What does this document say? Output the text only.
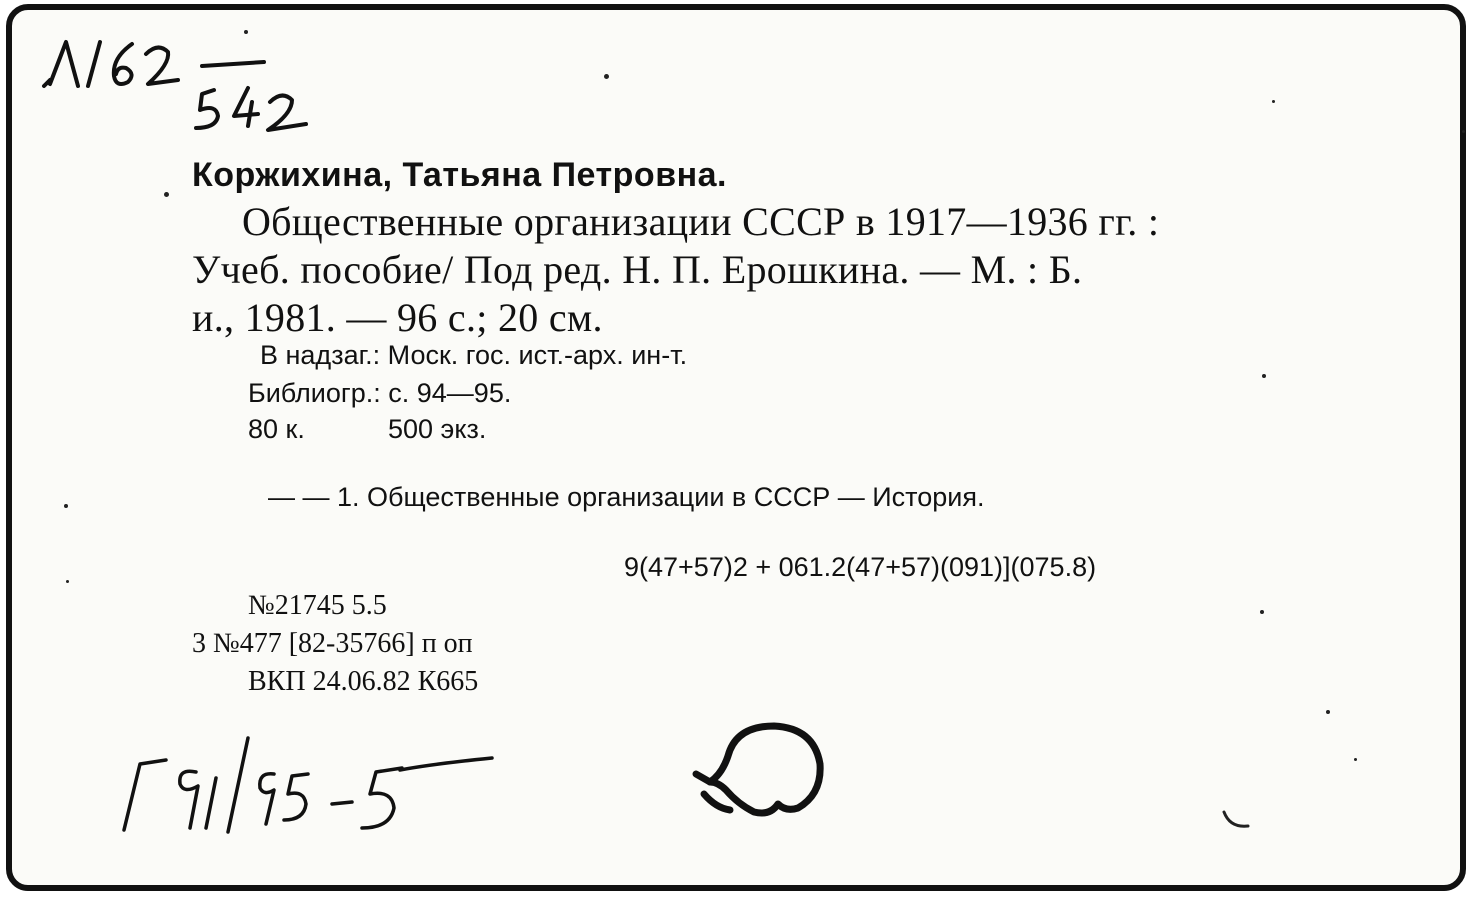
Л162
Коржихина, Татьяна Петровна.
Общественные организации СССР в 1917—1936 гг. :
Учеб. пособие/ Под ред. Н. П. Ерошкина. — М. : Б.
и., 1981. — 96 с.; 20 см.
В надзаг.: Моск. гос. ист.-арх. ин-т.
Библиогр.: с. 94—95.
80 к.	500 экз.
— — 1. Общественные организации в СССР — История.
9(47+57)2 + 061.2(47+57)(091)](075.8)
№21745 5.5
3 №477 [82-35766] п оп
ВКП 24.06.82 К665
